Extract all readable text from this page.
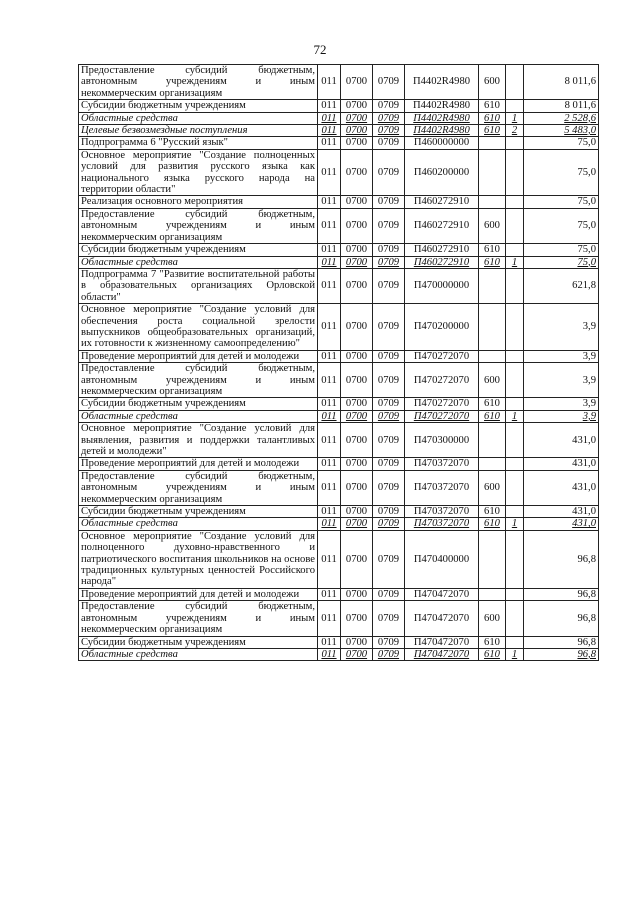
72
Предоставление субсидий бюджетным, автономным учреждениям и иным некоммерческим организациям	011	0700	0709	П4402R4980	600		8 011,6
Субсидии бюджетным учреждениям	011	0700	0709	П4402R4980	610		8 011,6
Областные средства	011	0700	0709	П4402R4980	610	1	2 528,6
Целевые безвозмездные поступления	011	0700	0709	П4402R4980	610	2	5 483,0
Подпрограмма 6 "Русский язык"	011	0700	0709	П460000000			75,0
Основное мероприятие "Создание полноценных условий для развития русского языка как национального языка русского народа на территории области"	011	0700	0709	П460200000			75,0
Реализация основного мероприятия	011	0700	0709	П460272910			75,0
Предоставление субсидий бюджетным, автономным учреждениям и иным некоммерческим организациям	011	0700	0709	П460272910	600		75,0
Субсидии бюджетным учреждениям	011	0700	0709	П460272910	610		75,0
Областные средства	011	0700	0709	П460272910	610	1	75,0
Подпрограмма 7 "Развитие воспитательной работы в образовательных организациях Орловской области"	011	0700	0709	П470000000			621,8
Основное мероприятие "Создание условий для обеспечения роста социальной зрелости выпускников общеобразовательных организаций, их готовности к жизненному самоопределению"	011	0700	0709	П470200000			3,9
Проведение мероприятий для детей и молодежи	011	0700	0709	П470272070			3,9
Предоставление субсидий бюджетным, автономным учреждениям и иным некоммерческим организациям	011	0700	0709	П470272070	600		3,9
Субсидии бюджетным учреждениям	011	0700	0709	П470272070	610		3,9
Областные средства	011	0700	0709	П470272070	610	1	3,9
Основное мероприятие "Создание условий для выявления, развития и поддержки талантливых детей и молодежи"	011	0700	0709	П470300000			431,0
Проведение мероприятий для детей и молодежи	011	0700	0709	П470372070			431,0
Предоставление субсидий бюджетным, автономным учреждениям и иным некоммерческим организациям	011	0700	0709	П470372070	600		431,0
Субсидии бюджетным учреждениям	011	0700	0709	П470372070	610		431,0
Областные средства	011	0700	0709	П470372070	610	1	431,0
Основное мероприятие "Создание условий для полноценного духовно-нравственного и патриотического воспитания школьников на основе традиционных культурных ценностей Российского народа"	011	0700	0709	П470400000			96,8
Проведение мероприятий для детей и молодежи	011	0700	0709	П470472070			96,8
Предоставление субсидий бюджетным, автономным учреждениям и иным некоммерческим организациям	011	0700	0709	П470472070	600		96,8
Субсидии бюджетным учреждениям	011	0700	0709	П470472070	610		96,8
Областные средства	011	0700	0709	П470472070	610	1	96,8
